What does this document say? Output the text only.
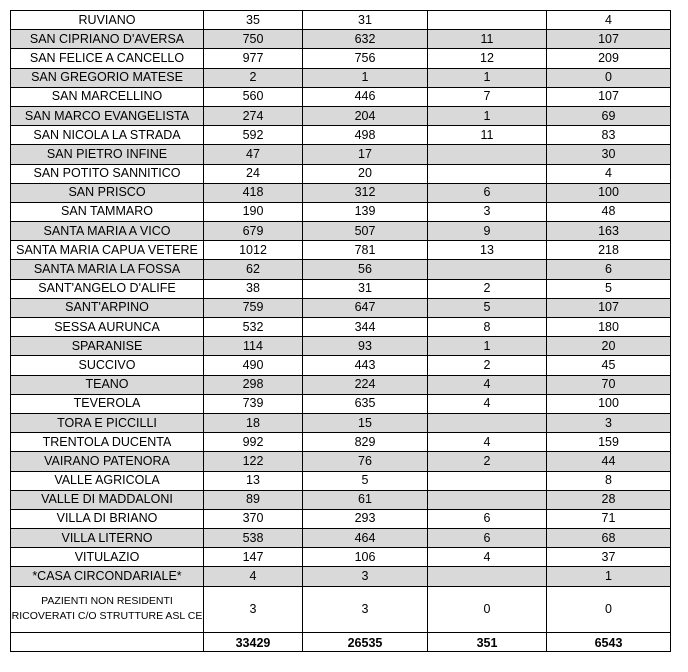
RUVIANO	35	31		4
SAN CIPRIANO D'AVERSA	750	632	11	107
SAN FELICE A CANCELLO	977	756	12	209
SAN GREGORIO MATESE	2	1	1	0
SAN MARCELLINO	560	446	7	107
SAN MARCO EVANGELISTA	274	204	1	69
SAN NICOLA LA STRADA	592	498	11	83
SAN PIETRO INFINE	47	17		30
SAN POTITO SANNITICO	24	20		4
SAN PRISCO	418	312	6	100
SAN TAMMARO	190	139	3	48
SANTA MARIA A VICO	679	507	9	163
SANTA MARIA CAPUA VETERE	1012	781	13	218
SANTA MARIA LA FOSSA	62	56		6
SANT'ANGELO D'ALIFE	38	31	2	5
SANT'ARPINO	759	647	5	107
SESSA AURUNCA	532	344	8	180
SPARANISE	114	93	1	20
SUCCIVO	490	443	2	45
TEANO	298	224	4	70
TEVEROLA	739	635	4	100
TORA E PICCILLI	18	15		3
TRENTOLA DUCENTA	992	829	4	159
VAIRANO PATENORA	122	76	2	44
VALLE AGRICOLA	13	5		8
VALLE DI MADDALONI	89	61		28
VILLA DI BRIANO	370	293	6	71
VILLA LITERNO	538	464	6	68
VITULAZIO	147	106	4	37
*CASA CIRCONDARIALE*	4	3		1
PAZIENTI NON RESIDENTI RICOVERATI C/O STRUTTURE ASL CE	3	3	0	0
	33429	26535	351	6543
